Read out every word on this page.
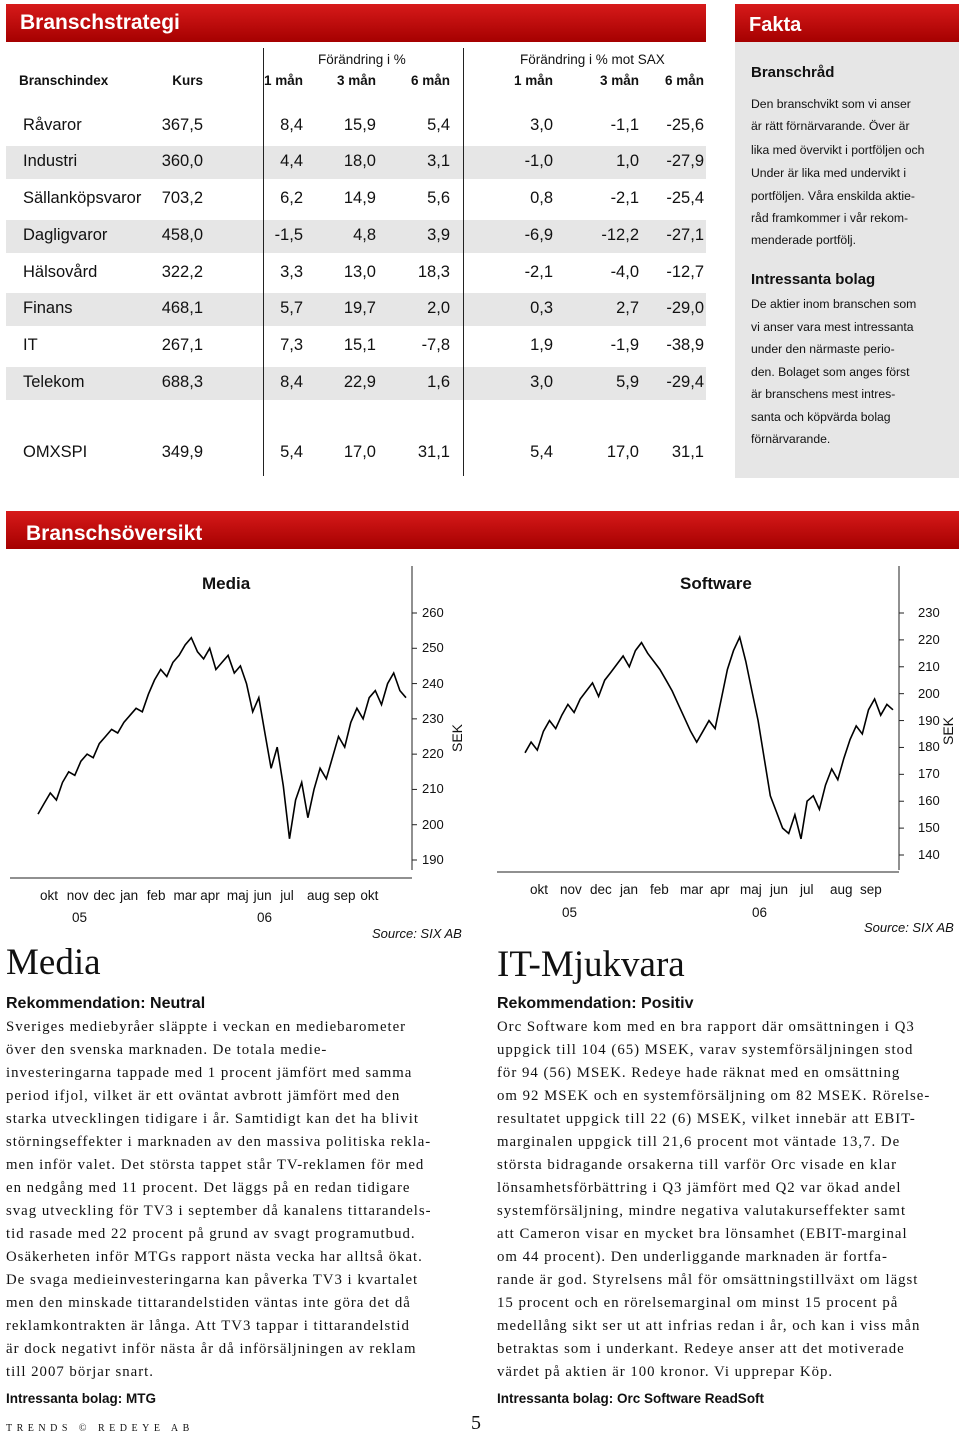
Branschstrategi
Förändring i %	Förändring i % mot SAX
Branschindex	Kurs	1 mån	3 mån	6 mån	1 mån	3 mån	6 mån
Råvaror	367,5	8,4	15,9	5,4	3,0	-1,1	-25,6
Industri	360,0	4,4	18,0	3,1	-1,0	1,0	-27,9
Sällanköpsvaror	703,2	6,2	14,9	5,6	0,8	-2,1	-25,4
Dagligvaror	458,0	-1,5	4,8	3,9	-6,9	-12,2	-27,1
Hälsovård	322,2	3,3	13,0	18,3	-2,1	-4,0	-12,7
Finans	468,1	5,7	19,7	2,0	0,3	2,7	-29,0
IT	267,1	7,3	15,1	-7,8	1,9	-1,9	-38,9
Telekom	688,3	8,4	22,9	1,6	3,0	5,9	-29,4
OMXSPI	349,9	5,4	17,0	31,1	5,4	17,0	31,1
Fakta
Branschråd
Den branschvikt som vi anser
är rätt förnärvarande. Över är
lika med övervikt i portföljen och
Under är lika med undervikt i
portföljen. Våra enskilda aktie-
råd framkommer i vår rekom-
menderade portfölj.
Intressanta bolag
De aktier inom branschen som
vi anser vara mest intressanta
under den närmaste perio-
den. Bolaget som anges först
är branschens mest intres-
santa och köpvärda bolag
förnärvarande.
Branschsöversikt
Media	Software
260
250
240
230
220
210
200
190
okt nov dec jan feb mar apr maj jun jul aug sep okt
05	06
Source: SIX AB
SEK
230
220
210
200
190
180
170
160
150
140
okt nov dec jan feb mar apr maj jun jul aug sep
05	06
Source: SIX AB
SEK
Media
Rekommendation: Neutral
Sveriges mediebyråer släppte i veckan en mediebarometer
över den svenska marknaden. De totala medie-
investeringarna tappade med 1 procent jämfört med samma
period ifjol, vilket är ett oväntat avbrott jämfört med den
starka utvecklingen tidigare i år. Samtidigt kan det ha blivit
störningseffekter i marknaden av den massiva politiska rekla-
men inför valet. Det största tappet står TV-reklamen för med
en nedgång med 11 procent. Det läggs på en redan tidigare
svag utveckling för TV3 i september då kanalens tittarandels-
tid rasade med 22 procent på grund av svagt programutbud.
Osäkerheten inför MTGs rapport nästa vecka har alltså ökat.
De svaga medieinvesteringarna kan påverka TV3 i kvartalet
men den minskade tittarandelstiden väntas inte göra det då
reklamkontrakten är långa. Att TV3 tappar i tittarandelstid
är dock negativt inför nästa år då införsäljningen av reklam
till 2007 börjar snart.
Intressanta bolag: MTG
IT-Mjukvara
Rekommendation: Positiv
Orc Software kom med en bra rapport där omsättningen i Q3
uppgick till 104 (65) MSEK, varav systemförsäljningen stod
för 94 (56) MSEK. Redeye hade räknat med en omsättning
om 92 MSEK och en systemförsäljning om 82 MSEK. Rörelse-
resultatet uppgick till 22 (6) MSEK, vilket innebär att EBIT-
marginalen uppgick till 21,6 procent mot väntade 13,7. De
största bidragande orsakerna till varför Orc visade en klar
lönsamhetsförbättring i Q3 jämfört med Q2 var ökad andel
systemförsäljning, mindre negativa valutakurseffekter samt
att Cameron visar en mycket bra lönsamhet (EBIT-marginal
om 44 procent). Den underliggande marknaden är fortfa-
rande är god. Styrelsens mål för omsättningstillväxt om lägst
15 procent och en rörelsemarginal om minst 15 procent på
medellång sikt ser ut att infrias redan i år, och kan i viss mån
betraktas som i underkant. Redeye anser att det motiverade
värdet på aktien är 100 kronor. Vi upprepar Köp.
Intressanta bolag: Orc Software ReadSoft
TRENDS © REDEYE AB	5
